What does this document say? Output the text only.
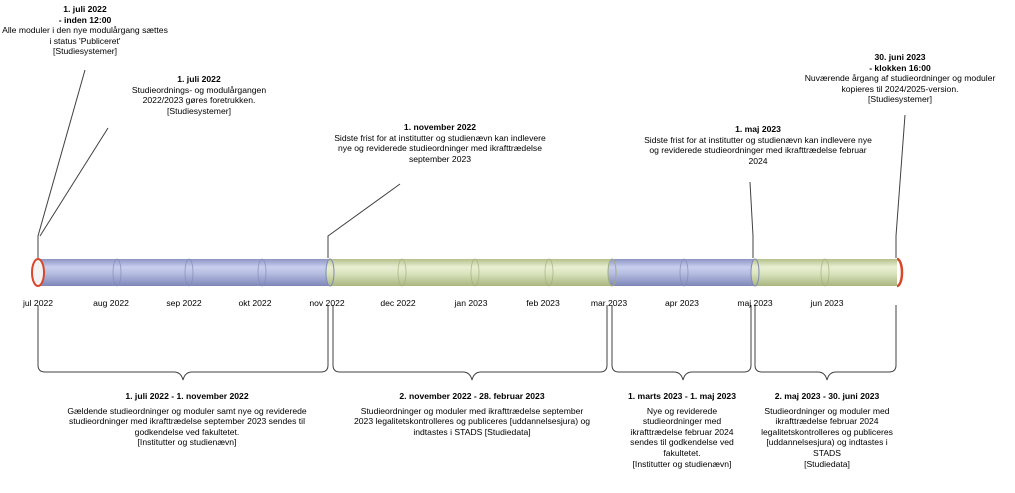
jul 2022	aug 2022	sep 2022	okt 2022	nov 2022	dec 2022	jan 2023	feb 2023	mar 2023	apr 2023	maj 2023	jun 2023
1. juli 2022
- inden 12:00
Alle moduler i den nye modulårgang sættes i status 'Publiceret'
[Studiesystemer]
1. juli 2022
Studieordnings- og modulårgangen 2022/2023 gøres foretrukken.
[Studiesystemer]
1. november 2022
Sidste frist for at institutter og studienævn kan indlevere nye og reviderede studieordninger med ikrafttrædelse september 2023
1. maj 2023
Sidste frist for at institutter og studienævn kan indlevere nye og reviderede studieordninger med ikrafttrædelse februar 2024
30. juni 2023
- klokken 16:00
Nuværende årgang af studieordninger og moduler kopieres til 2024/2025-version.
[Studiesystemer]
1. juli 2022 - 1. november 2022
Gældende studieordninger og moduler samt nye og reviderede studieordninger med ikrafttrædelse september 2023 sendes til godkendelse ved fakultetet.
[Institutter og studienævn]
2. november 2022 - 28. februar 2023
Studieordninger og moduler med ikrafttrædelse september 2023 legalitetskontrolleres og publiceres [uddannelsesjura) og indtastes i STADS [Studiedata]
1. marts 2023 - 1. maj 2023
Nye og reviderede studieordninger med ikrafttrædelse februar 2024 sendes til godkendelse ved fakultetet.
[Institutter og studienævn]
2. maj 2023 - 30. juni 2023
Studieordninger og moduler med ikrafttrædelse februar 2024 legalitetskontrolleres og publiceres [uddannelsesjura) og indtastes i STADS
[Studiedata]
